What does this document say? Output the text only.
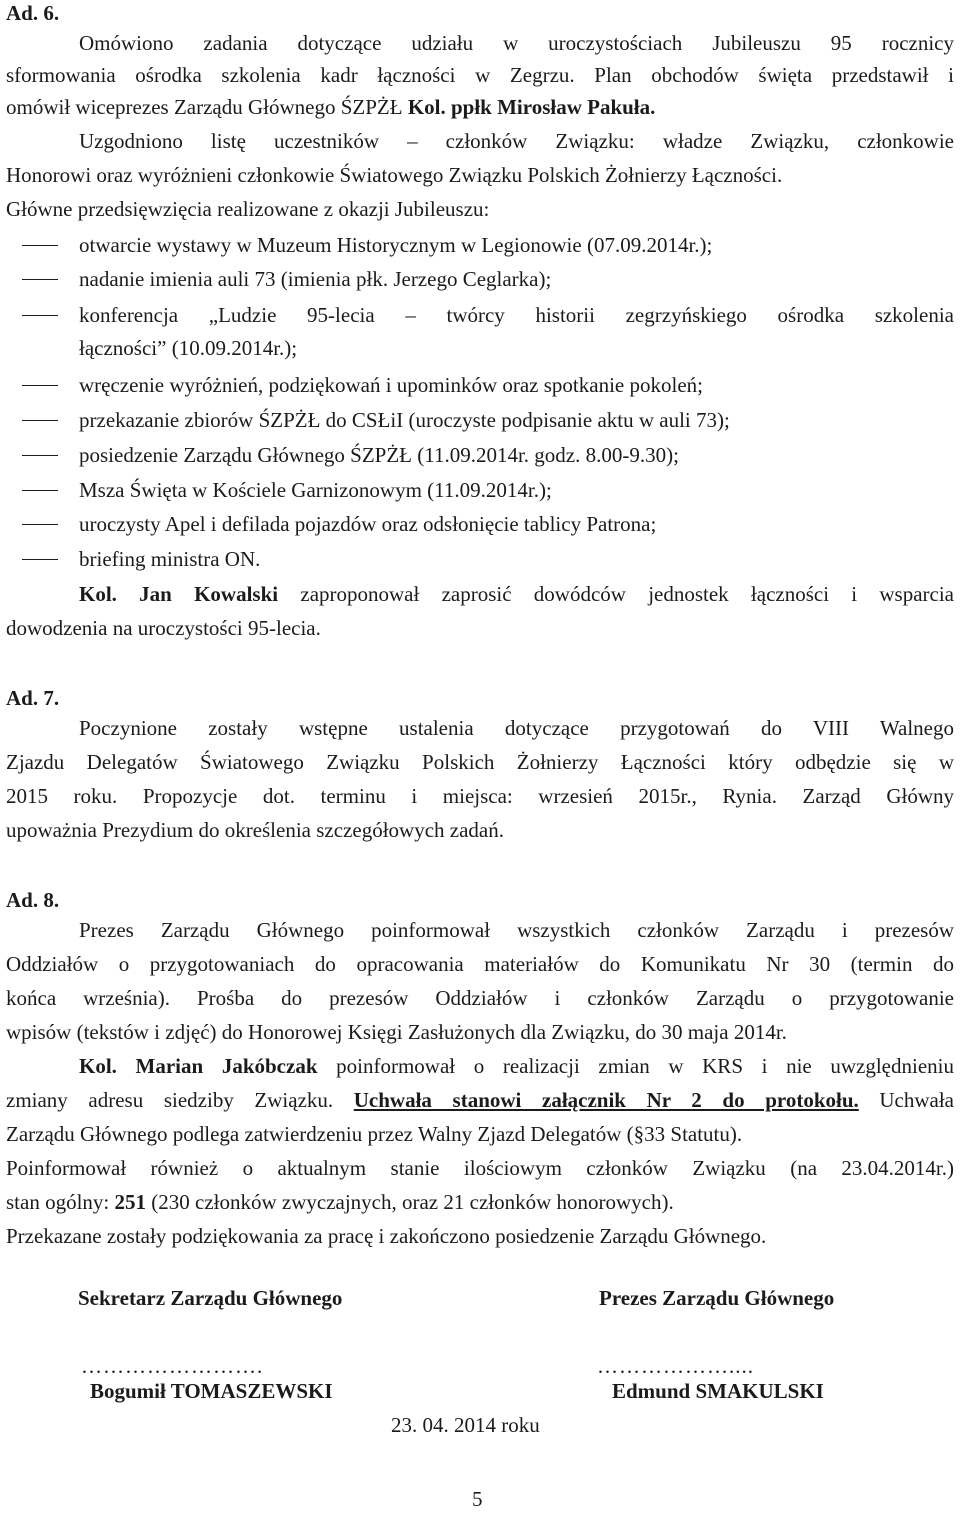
Ad. 6.
Omówiono zadania dotyczące udziału w uroczystościach Jubileuszu 95 rocznicy
sformowania ośrodka szkolenia kadr łączności w Zegrzu. Plan obchodów święta przedstawił i
omówił wiceprezes Zarządu Głównego ŚZPŻŁ Kol. ppłk Mirosław Pakuła.
Uzgodniono listę uczestników – członków Związku: władze Związku, członkowie
Honorowi oraz wyróżnieni członkowie Światowego Związku Polskich Żołnierzy Łączności.
Główne przedsięwzięcia realizowane z okazji Jubileuszu:
otwarcie wystawy w Muzeum Historycznym w Legionowie (07.09.2014r.);
nadanie imienia auli 73 (imienia płk. Jerzego Ceglarka);
konferencja „Ludzie 95-lecia – twórcy historii zegrzyńskiego ośrodka szkolenia
łączności” (10.09.2014r.);
wręczenie wyróżnień, podziękowań i upominków oraz spotkanie pokoleń;
przekazanie zbiorów ŚZPŻŁ do CSŁiI (uroczyste podpisanie aktu w auli 73);
posiedzenie Zarządu Głównego ŚZPŻŁ (11.09.2014r. godz. 8.00-9.30);
Msza Święta w Kościele Garnizonowym (11.09.2014r.);
uroczysty Apel i defilada pojazdów oraz odsłonięcie tablicy Patrona;
briefing ministra ON.
Kol. Jan Kowalski zaproponował zaprosić dowódców jednostek łączności i wsparcia
dowodzenia na uroczystości 95-lecia.
Ad. 7.
Poczynione zostały wstępne ustalenia dotyczące przygotowań do VIII Walnego
Zjazdu Delegatów Światowego Związku Polskich Żołnierzy Łączności który odbędzie się w
2015 roku. Propozycje dot. terminu i miejsca: wrzesień 2015r., Rynia. Zarząd Główny
upoważnia Prezydium do określenia szczegółowych zadań.
Ad. 8.
Prezes Zarządu Głównego poinformował wszystkich członków Zarządu i prezesów
Oddziałów o przygotowaniach do opracowania materiałów do Komunikatu Nr 30 (termin do
końca września). Prośba do prezesów Oddziałów i członków Zarządu o przygotowanie
wpisów (tekstów i zdjęć) do Honorowej Księgi Zasłużonych dla Związku, do 30 maja 2014r.
Kol. Marian Jakóbczak poinformował o realizacji zmian w KRS i nie uwzględnieniu
zmiany adresu siedziby Związku. Uchwała stanowi załącznik Nr 2 do protokołu. Uchwała
Zarządu Głównego podlega zatwierdzeniu przez Walny Zjazd Delegatów (§33 Statutu).
Poinformował również o aktualnym stanie ilościowym członków Związku (na 23.04.2014r.)
stan ogólny: 251 (230 członków zwyczajnych, oraz 21 członków honorowych).
Przekazane zostały podziękowania za pracę i zakończono posiedzenie Zarządu Głównego.
Sekretarz Zarządu Głównego	Prezes Zarządu Głównego
…………………….	………………....
Bogumił TOMASZEWSKI	Edmund SMAKULSKI
23. 04. 2014 roku
5
